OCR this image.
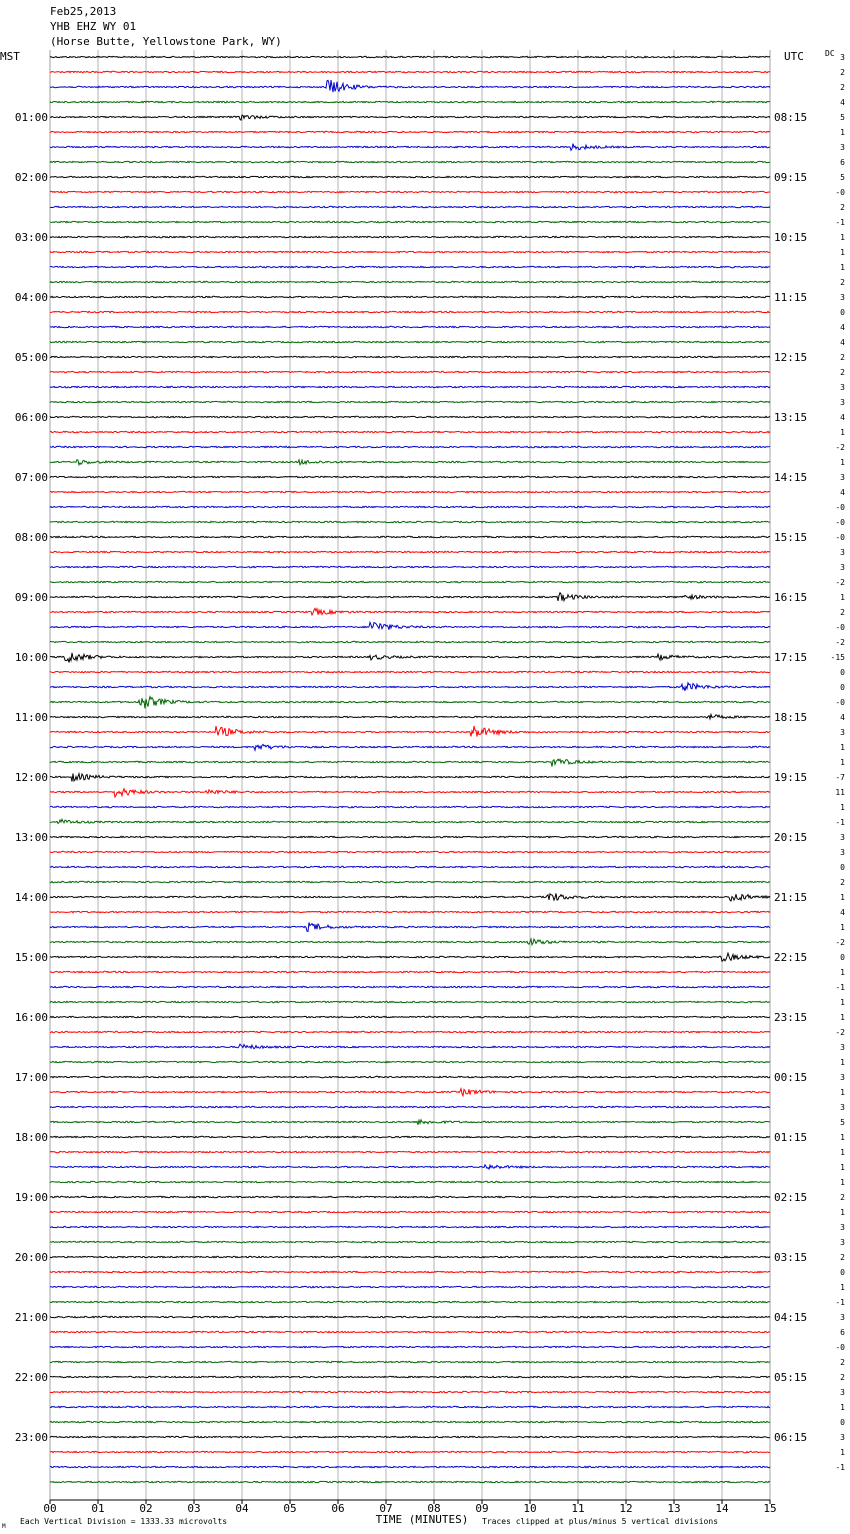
Feb25,2013
YHB EHZ WY 01
(Horse Butte, Yellowstone Park, WY)
3
2
2
4
5
01:00	08:15
1
3
6
5
02:00	09:15
-0
2
-1
1
03:00	10:15
1
1
2
3
04:00	11:15
0
4
4
2
05:00	12:15
2
3
3
4
06:00	13:15
1
-2
1
3
07:00	14:15
4
-0
-0
-0
08:00	15:15
3
3
-2
1
09:00	16:15
2
-0
-2
-15
10:00	17:15
0
0
-0
4
11:00	18:15
3
1
1
-7
12:00	19:15
11
1
-1
3
13:00	20:15
3
0
2
1
14:00	21:15
4
1
-2
0
15:00	22:15
1
-1
1
1
16:00	23:15
-2
3
1
3
17:00	00:15
1
3
5
1
18:00	01:15
1
1
1
2
19:00	02:15
1
3
3
2
20:00	03:15
0
1
-1
3
21:00	04:15
6
-0
2
2
22:00	05:15
3
1
0
3
23:00	06:15
1
-1
MST	UTC	DC
00	01	02	03	04	05	06	07	08	09	10	11	12	13	14	15
M
Each Vertical Division = 1333.33 microvolts	TIME (MINUTES) Traces clipped at plus/minus 5 vertical divisions
